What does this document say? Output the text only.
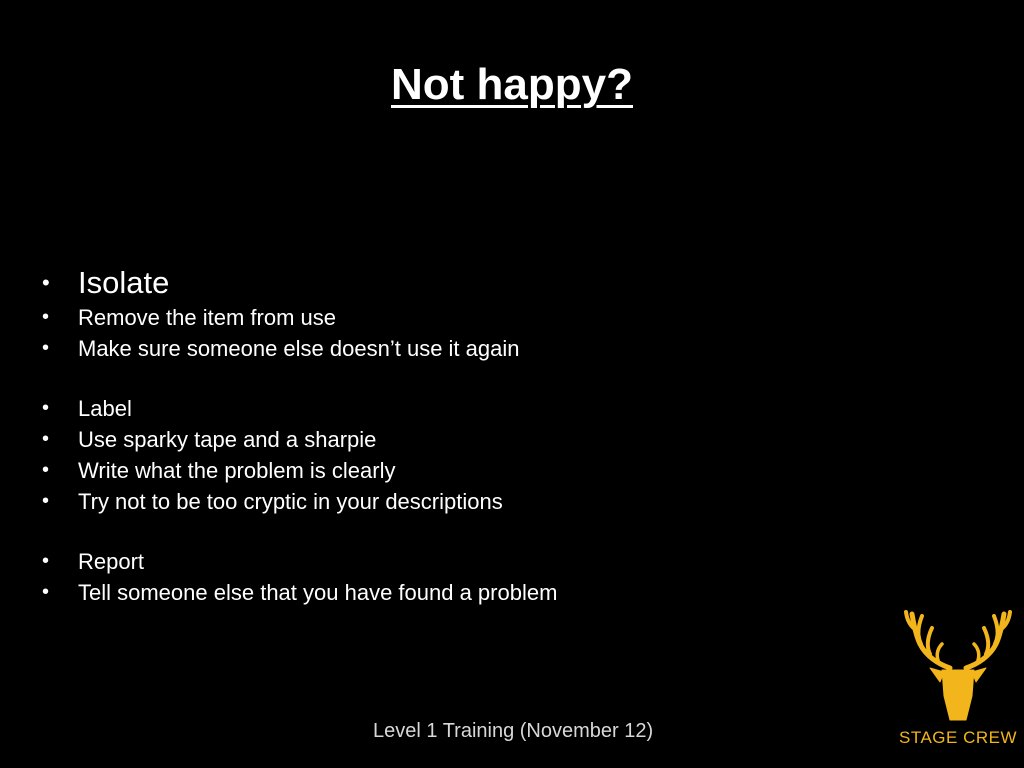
Not happy?
• Isolate
• Remove the item from use
• Make sure someone else doesn’t use it again
• Label
• Use sparky tape and a sharpie
• Write what the problem is clearly
• Try not to be too cryptic in your descriptions
• Report
• Tell someone else that you have found a problem
Level 1 Training (November 12)	STAGE CREW
